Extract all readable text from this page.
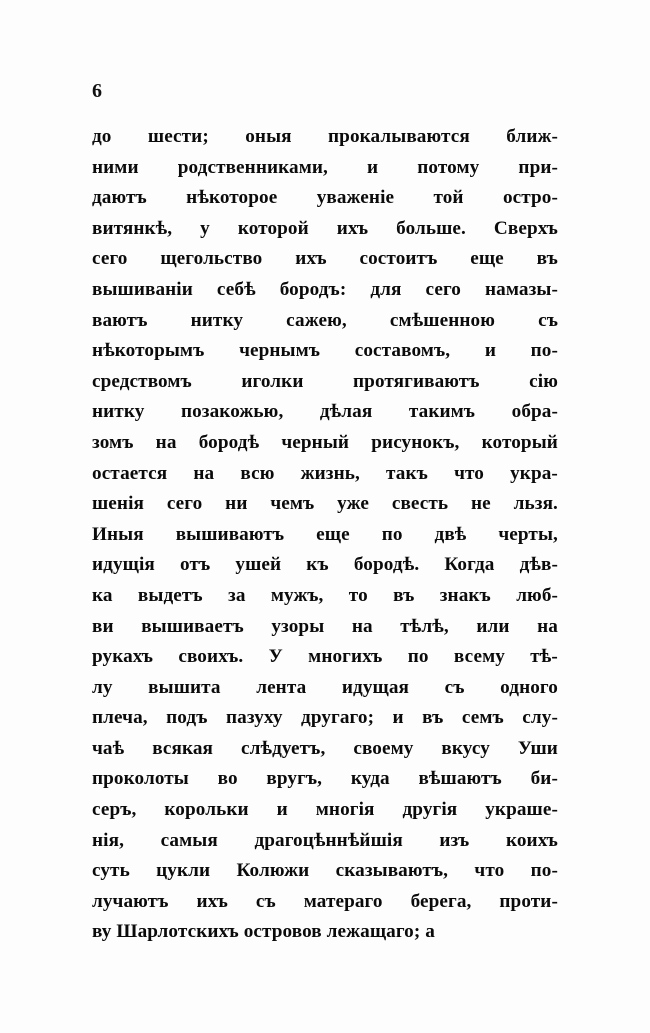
6
до шести; оныя прокалываются ближ-
ними родственниками, и потому при-
даютъ нѣкоторое уваженіе той остро-
витянкѣ, у которой ихъ больше. Сверхъ
сего щегольство ихъ состоитъ еще въ
вышиваніи себѣ бородъ: для сего намазы-
ваютъ нитку сажею, смѣшенною съ
нѣкоторымъ чернымъ составомъ, и по-
средствомъ	иголки	протягиваютъ	сію
нитку позакожью, дѣлая такимъ обра-
зомъ на бородѣ черный рисунокъ, который
остается на всю жизнь, такъ что укра-
шенія сего ни чемъ уже свесть не льзя.
Иныя вышиваютъ еще по двѣ черты,
идущія отъ ушей къ бородѣ. Когда дѣв-
ка выдетъ за мужъ, то въ знакъ люб-
ви вышиваетъ узоры на тѣлѣ, или на
рукахъ своихъ. У многихъ по всему тѣ-
лу вышита лента идущая съ одного
плеча, подъ пазуху другаго; и въ семъ слу-
чаѣ всякая слѣдуетъ, своему вкусу Уши
проколоты во вругъ, куда вѣшаютъ би-
серъ, корольки и многія другія украше-
нія, самыя драгоцѣннѣйшія изъ коихъ
суть цукли Колюжи сказываютъ, что по-
лучаютъ ихъ съ матераго берега, проти-
ву Шарлотскихъ островов лежащаго; а
